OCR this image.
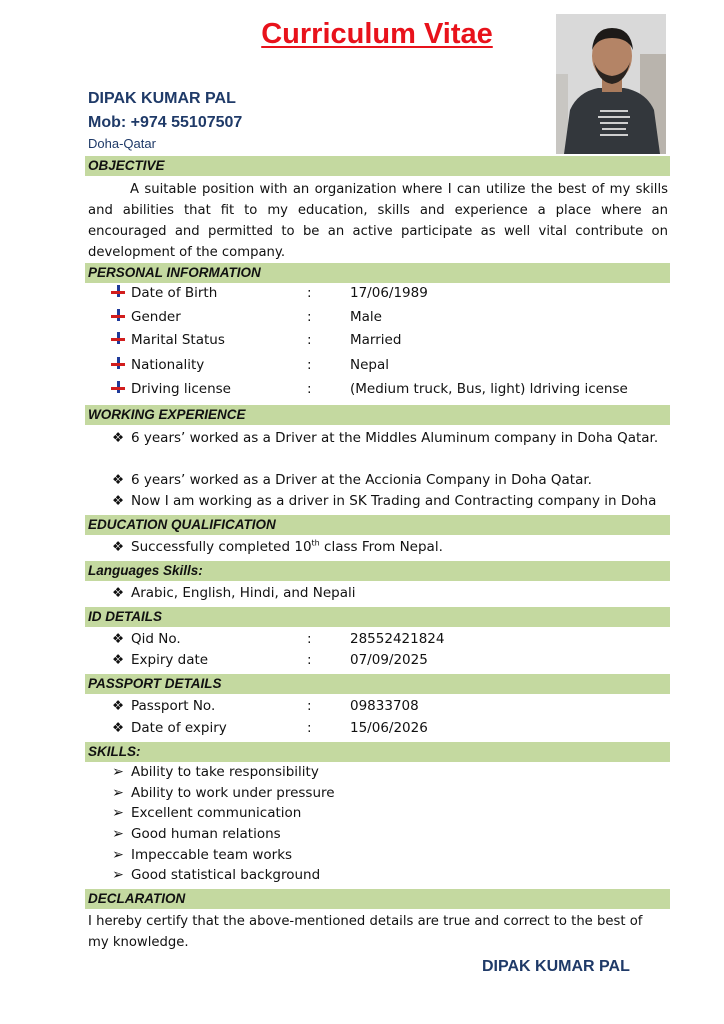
Curriculum Vitae
DIPAK KUMAR PAL
Mob: +974 55107507
Doha-Qatar
OBJECTIVE
A suitable position with an organization where I can utilize the best of my skills and abilities that fit to my education, skills and experience a place where an encouraged and permitted to be an active participate as well vital contribute on development of the company.
PERSONAL INFORMATION
Date of Birth	:	17/06/1989
Gender	:	Male
Marital Status	:	Married
Nationality	:	Nepal
Driving license	:	(Medium truck, Bus, light) ldriving icense
WORKING EXPERIENCE
❖ 6 years’ worked as a Driver at the Middles Aluminum company in Doha Qatar.
❖ 6 years’ worked as a Driver at the Accionia Company in Doha Qatar.
❖ Now I am working as a driver in SK Trading and Contracting company in Doha
EDUCATION QUALIFICATION
❖ Successfully completed 10th class From Nepal.
Languages Skills:
❖ Arabic, English, Hindi, and Nepali
ID DETAILS
❖ Qid No.	:	28552421824
❖ Expiry date	:	07/09/2025
PASSPORT DETAILS
❖ Passport No.	:	09833708
❖ Date of expiry	:	15/06/2026
SKILLS:
➢ Ability to take responsibility
➢ Ability to work under pressure
➢ Excellent communication
➢ Good human relations
➢ Impeccable team works
➢ Good statistical background
DECLARATION
I hereby certify that the above-mentioned details are true and correct to the best of my knowledge.
DIPAK KUMAR PAL
